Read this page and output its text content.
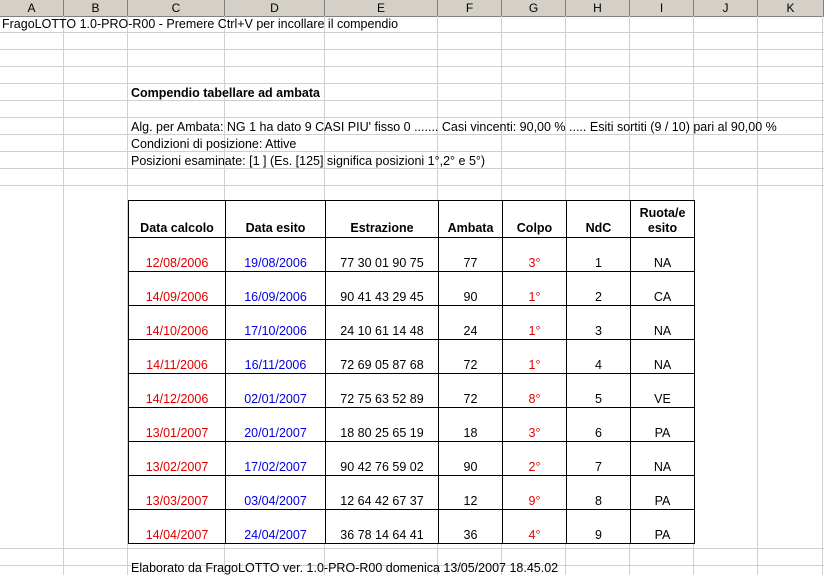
A	B	C	D	E	F	G	H	I	J	K
FragoLOTTO 1.0-PRO-R00 - Premere Ctrl+V per incollare il compendio
Compendio tabellare ad ambata
Alg. per Ambata: NG 1 ha dato 9 CASI PIU' fisso 0 ....... Casi vincenti: 90,00 % ..... Esiti sortiti (9 / 10) pari al 90,00 %
Condizioni di posizione: Attive
Posizioni esaminate: [1 ] (Es. [125] significa posizioni 1°,2° e 5°)
Data calcolo	Data esito	Estrazione	Ambata	Colpo	NdC	Ruota/e esito
12/08/2006	19/08/2006	77 30 01 90 75	77	3°	1	NA
14/09/2006	16/09/2006	90 41 43 29 45	90	1°	2	CA
14/10/2006	17/10/2006	24 10 61 14 48	24	1°	3	NA
14/11/2006	16/11/2006	72 69 05 87 68	72	1°	4	NA
14/12/2006	02/01/2007	72 75 63 52 89	72	8°	5	VE
13/01/2007	20/01/2007	18 80 25 65 19	18	3°	6	PA
13/02/2007	17/02/2007	90 42 76 59 02	90	2°	7	NA
13/03/2007	03/04/2007	12 64 42 67 37	12	9°	8	PA
14/04/2007	24/04/2007	36 78 14 64 41	36	4°	9	PA
Elaborato da FragoLOTTO ver. 1.0-PRO-R00 domenica 13/05/2007 18.45.02
